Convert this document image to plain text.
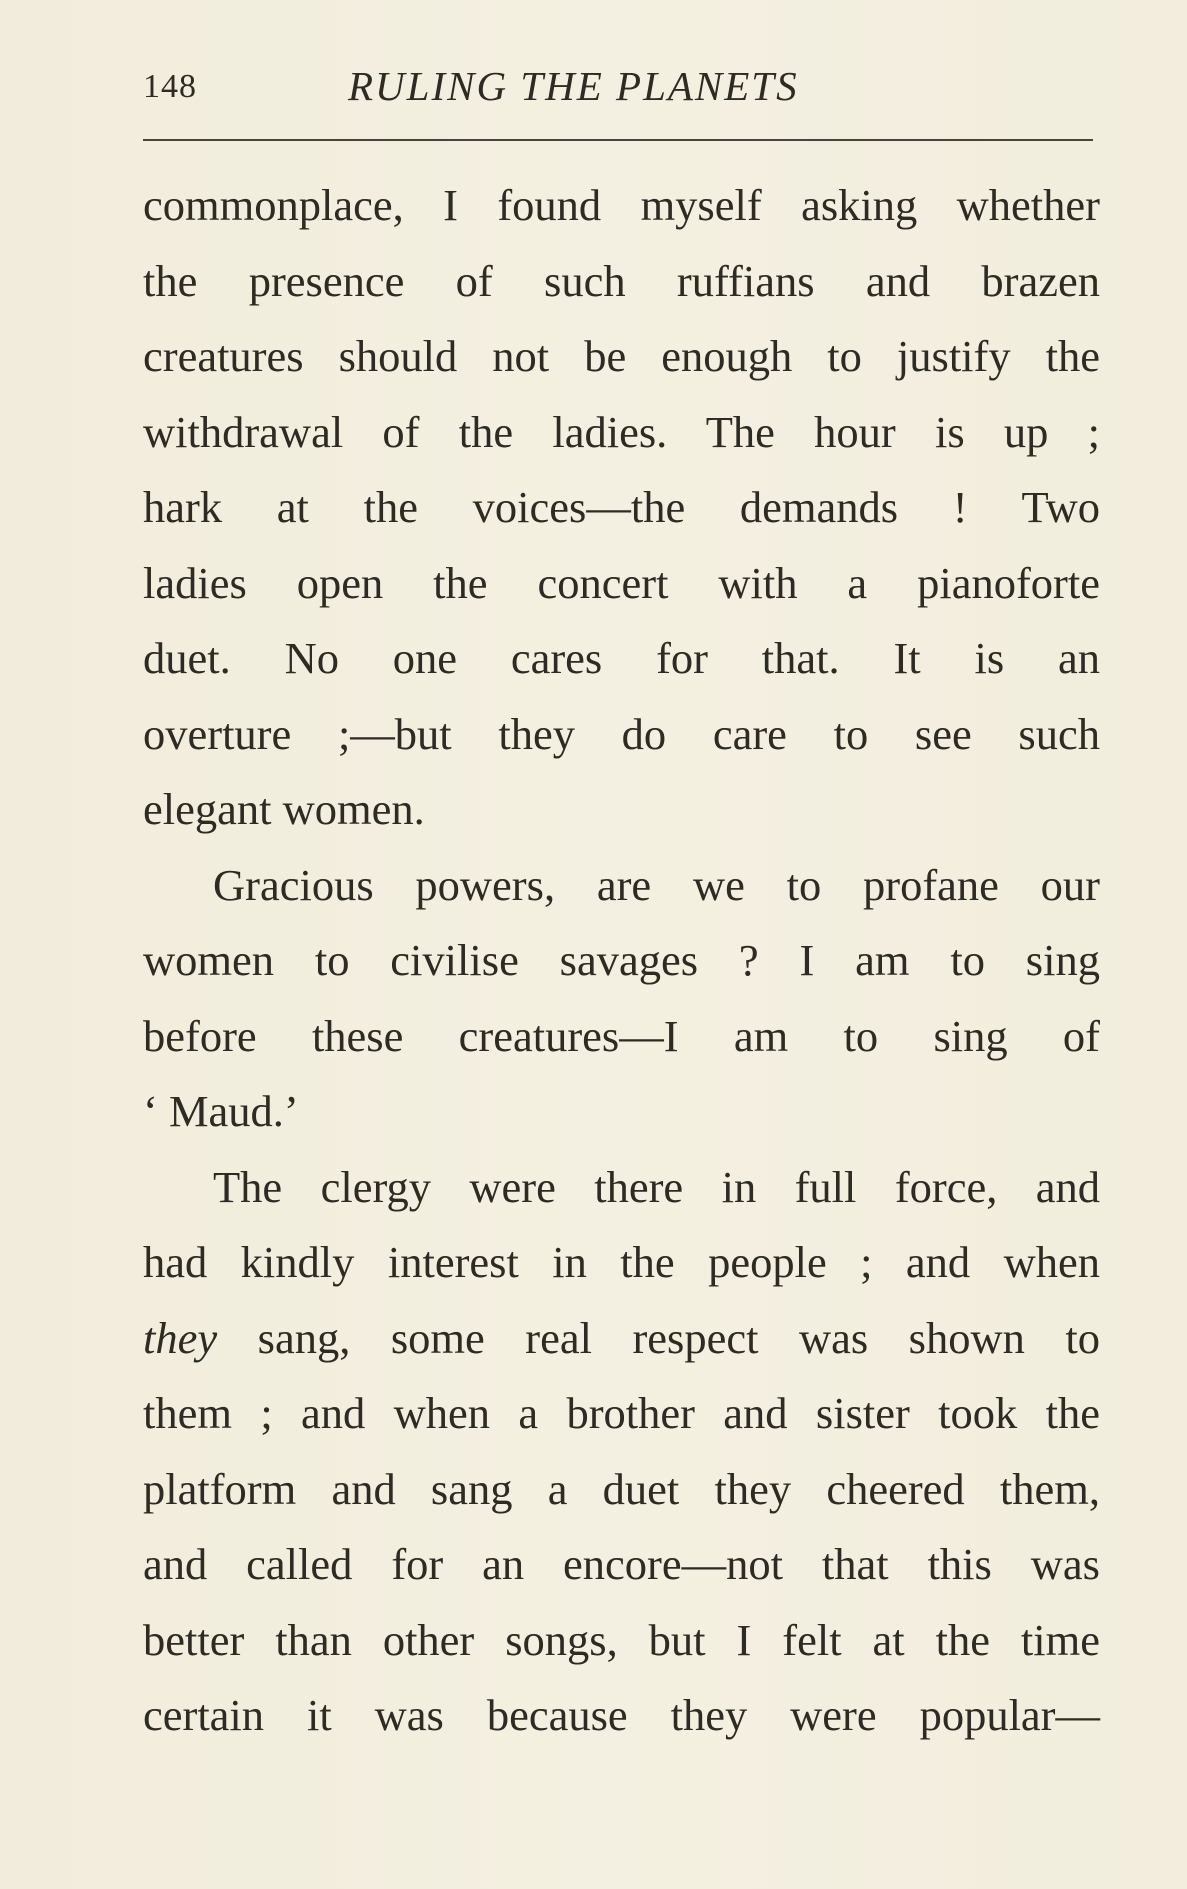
148	RULING THE PLANETS
commonplace, I found myself asking whether
the presence of such ruffians and brazen
creatures should not be enough to justify the
withdrawal of the ladies. The hour is up ;
hark at the voices—the demands ! Two
ladies open the concert with a pianoforte
duet. No one cares for that. It is an
overture ;—but they do care to see such
elegant women.
Gracious powers, are we to profane our
women to civilise savages ? I am to sing
before these creatures—I am to sing of
‘ Maud.’
The clergy were there in full force, and
had kindly interest in the people ; and when
they sang, some real respect was shown to
them ; and when a brother and sister took the
platform and sang a duet they cheered them,
and called for an encore—not that this was
better than other songs, but I felt at the time
certain it was because they were popular—
